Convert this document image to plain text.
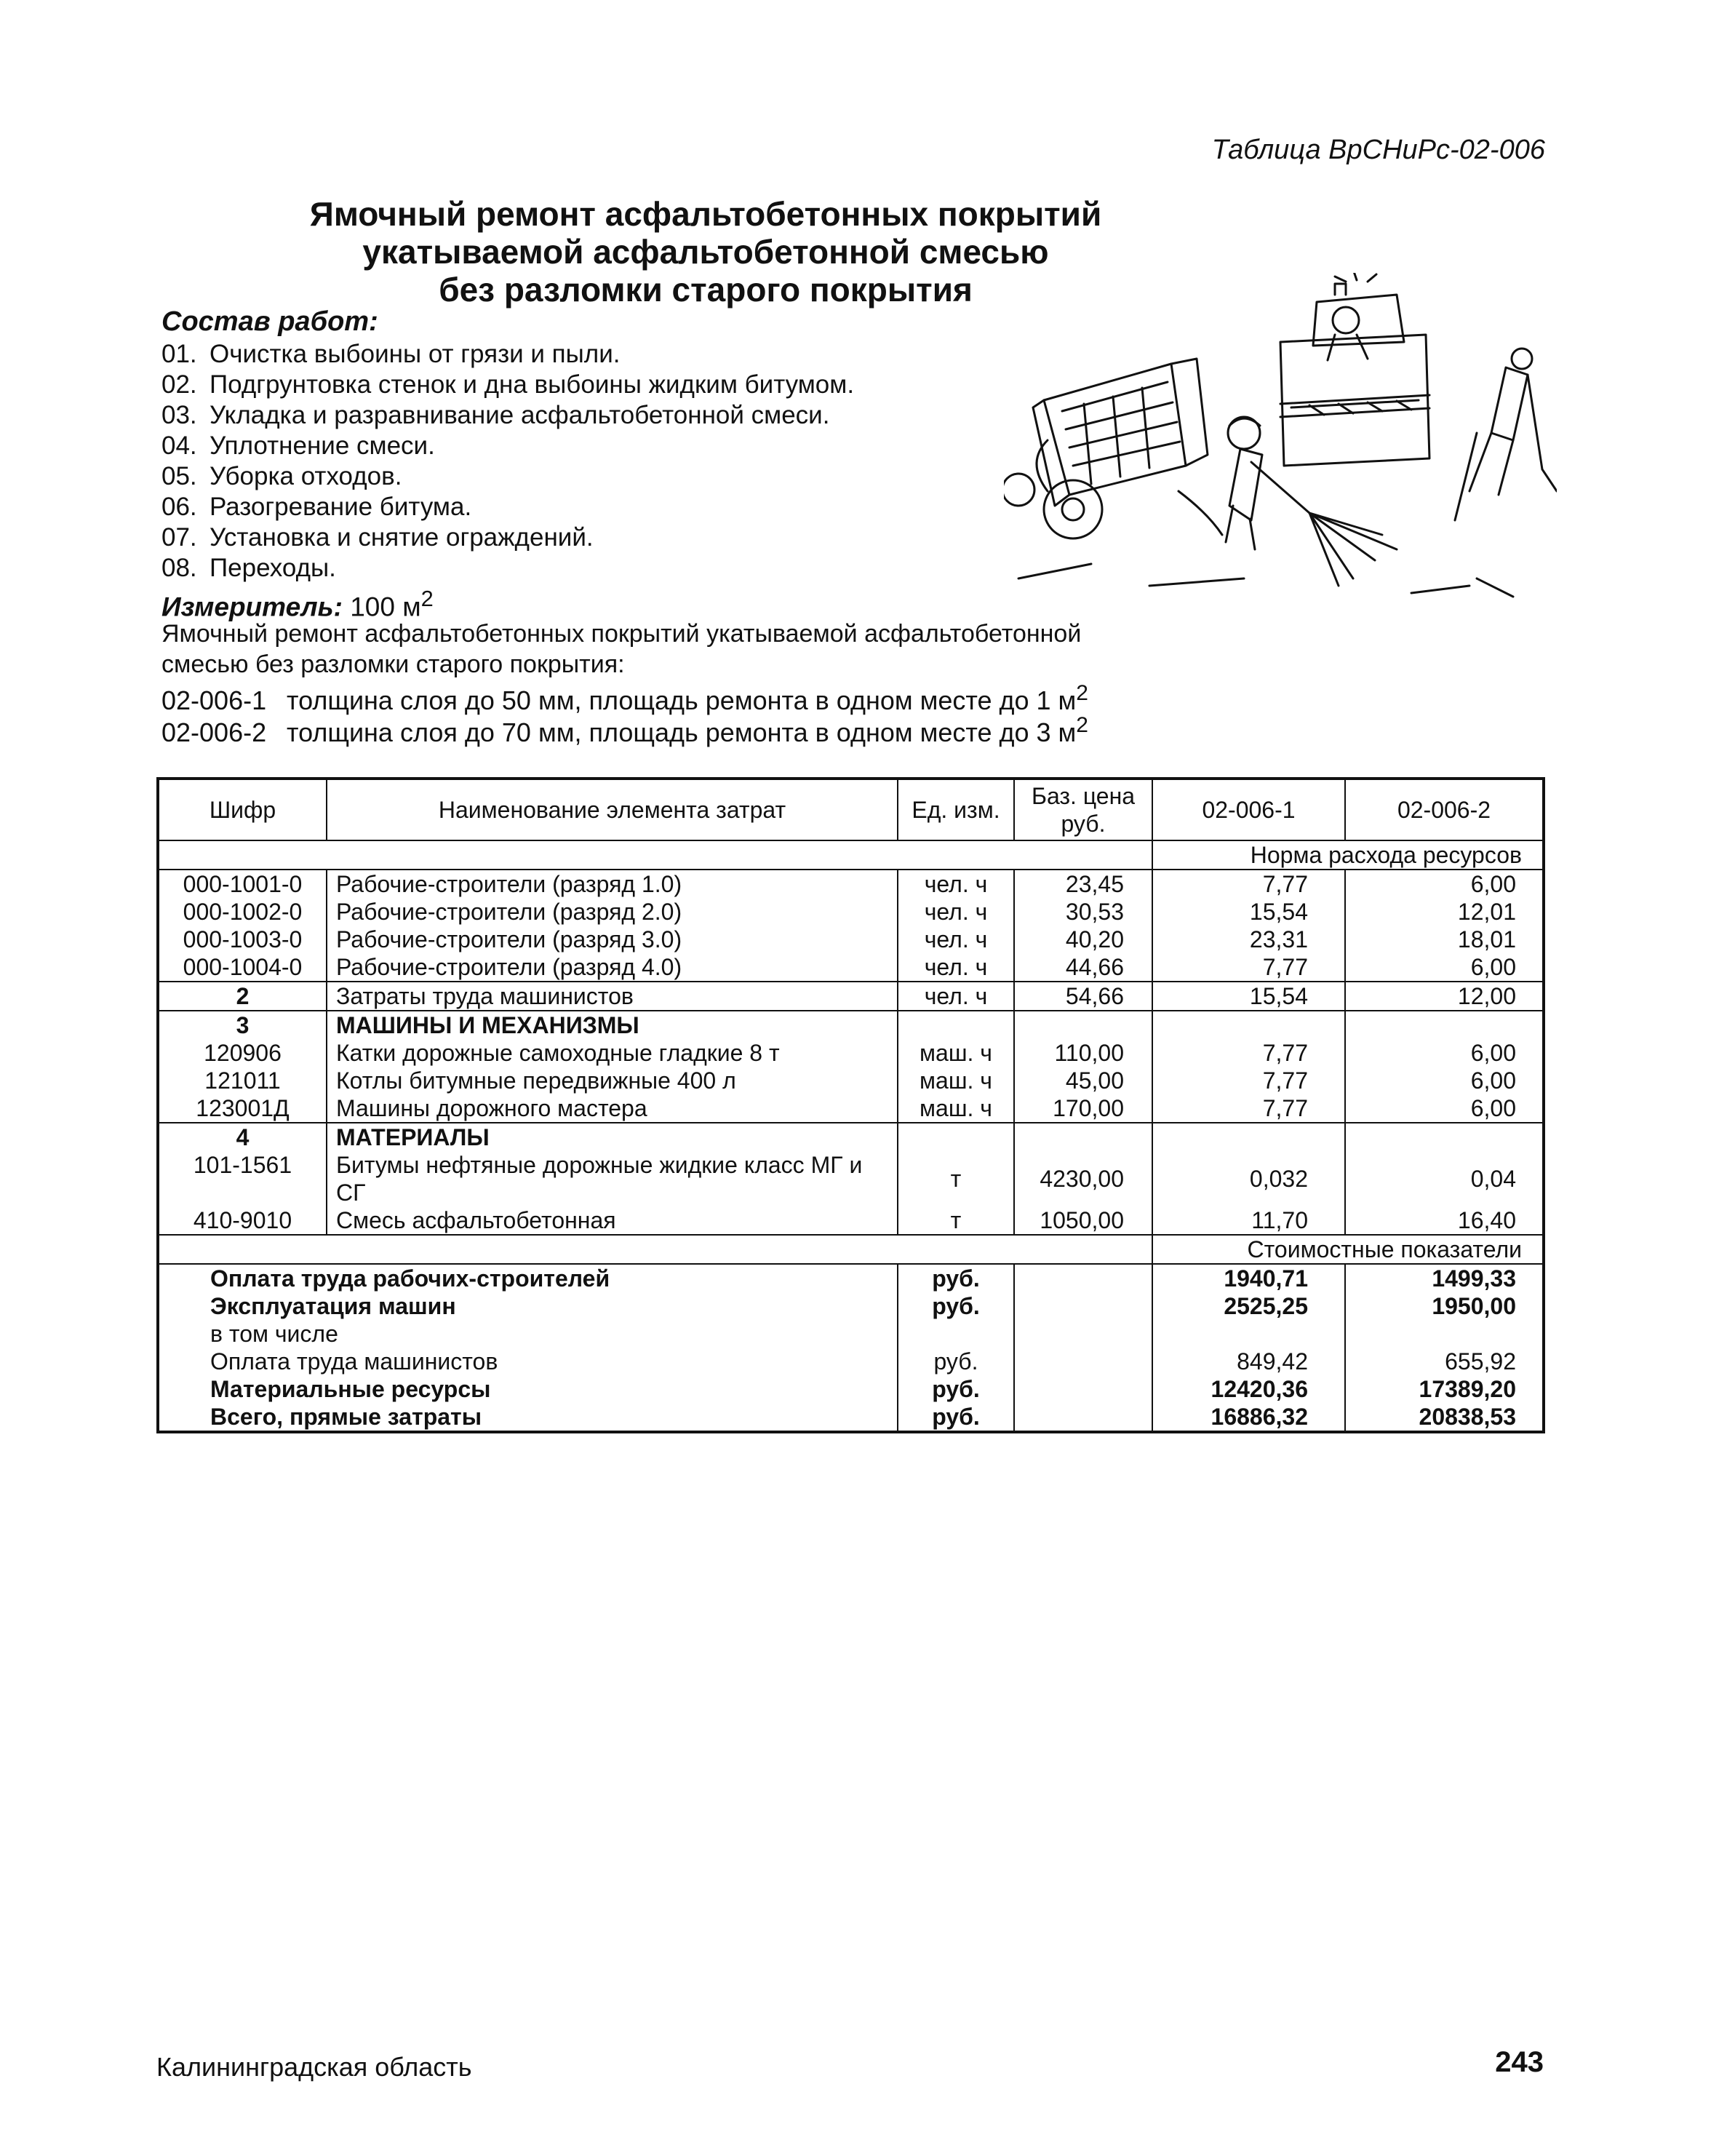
Таблица ВрСНиРс-02-006
Ямочный ремонт асфальтобетонных покрытий
укатываемой асфальтобетонной смесью
без разломки старого покрытия
Состав работ:
01. Очистка выбоины от грязи и пыли.
02. Подгрунтовка стенок и дна выбоины жидким битумом.
03. Укладка и разравнивание асфальтобетонной смеси.
04. Уплотнение смеси.
05. Уборка отходов.
06. Разогревание битума.
07. Установка и снятие ограждений.
08. Переходы.
Измеритель: 100 $м^2$
Ямочный ремонт асфальтобетонных покрытий укатываемой асфальтобетонной смесью без разломки старого покрытия:
02-006-1 толщина слоя до 50 мм, площадь ремонта в одном месте до 1 $м^2$
02-006-2 толщина слоя до 70 мм, площадь ремонта в одном месте до 3 $м^2$
Шифр	Наименование элемента затрат	Ед. изм.	Баз. цена руб.	02-006-1	02-006-2
				Норма расхода ресурсов	
000-1001-0	Рабочие-строители (разряд 1.0)	чел. ч	23,45	7,77	6,00
000-1002-0	Рабочие-строители (разряд 2.0)	чел. ч	30,53	15,54	12,01
000-1003-0	Рабочие-строители (разряд 3.0)	чел. ч	40,20	23,31	18,01
000-1004-0	Рабочие-строители (разряд 4.0)	чел. ч	44,66	7,77	6,00
2	Затраты труда машинистов	чел. ч	54,66	15,54	12,00
3	МАШИНЫ И МЕХАНИЗМЫ				
120906	Катки дорожные самоходные гладкие 8 т	маш. ч	110,00	7,77	6,00
121011	Котлы битумные передвижные 400 л	маш. ч	45,00	7,77	6,00
123001Д	Машины дорожного мастера	маш. ч	170,00	7,77	6,00
4	МАТЕРИАЛЫ				
101-1561	Битумы нефтяные дорожные жидкие класс МГ и СГ	т	4230,00	0,032	0,04
410-9010	Смесь асфальтобетонная	т	1050,00	11,70	16,40
				Стоимостные показатели	
Оплата труда рабочих-строителей		руб.		1940,71	1499,33
Эксплуатация машин		руб.		2525,25	1950,00
в том числе					
Оплата труда машинистов		руб.		849,42	655,92
Материальные ресурсы		руб.		12420,36	17389,20
Всего, прямые затраты		руб.		16886,32	20838,53
Калининградская область	243
